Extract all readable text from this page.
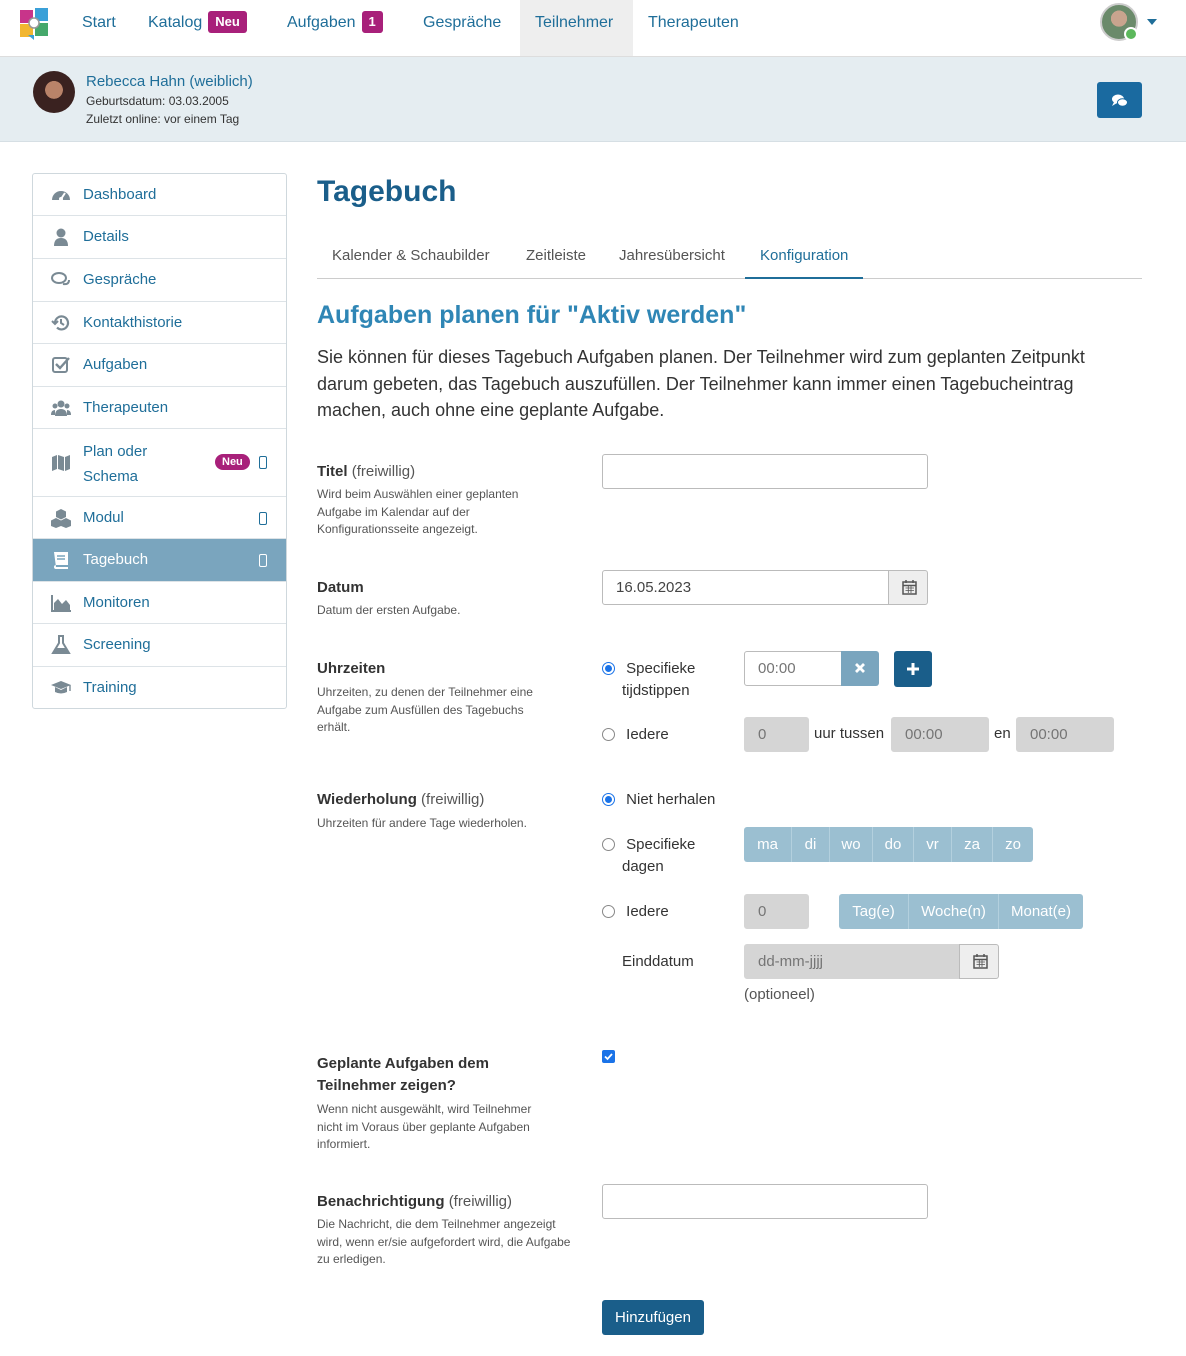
Start	Katalog Neu	Aufgaben 1	Gespräche	Teilnehmer	Therapeuten
Rebecca Hahn (weiblich)
Geburtsdatum: 03.03.2005
Zuletzt online: vor einem Tag
Dashboard
Details
Gespräche
Kontakthistorie
Aufgaben
Therapeuten
Plan oder
Schema
Neu
Modul
Tagebuch
Monitoren
Screening
Training
Tagebuch
Kalender & Schaubilder	Zeitleiste	Jahresübersicht	Konfiguration
Aufgaben planen für "Aktiv werden"

Sie können für dieses Tagebuch Aufgaben planen. Der Teilnehmer wird zum geplanten Zeitpunkt darum gebeten, das Tagebuch auszufüllen. Der Teilnehmer kann immer einen Tagebucheintrag machen, auch ohne eine geplante Aufgabe.

Titel (freiwillig)
Wird beim Auswählen einer geplanten Aufgabe im Kalendar auf der Konfigurationsseite angezeigt.
Datum
Datum der ersten Aufgabe.
16.05.2023
Uhrzeiten
Uhrzeiten, zu denen der Teilnehmer eine Aufgabe zum Ausfüllen des Tagebuchs erhält.
Specifieke
tijdstippen
00:00
Iedere
0	uur tussen
00:00	en
00:00
Wiederholung (freiwillig)
Uhrzeiten für andere Tage wiederholen.
Niet herhalen
Specifieke
dagen
ma	di	wo	do	vr	za	zo
Iedere
0	Tag(e)	Woche(n)	Monat(e)
Einddatum
dd-mm-jjjj
(optioneel)
Geplante Aufgaben dem
Teilnehmer zeigen?
Wenn nicht ausgewählt, wird Teilnehmer nicht im Voraus über geplante Aufgaben informiert.
Benachrichtigung (freiwillig)
Die Nachricht, die dem Teilnehmer angezeigt wird, wenn er/sie aufgefordert wird, die Aufgabe zu erledigen.
Hinzufügen
